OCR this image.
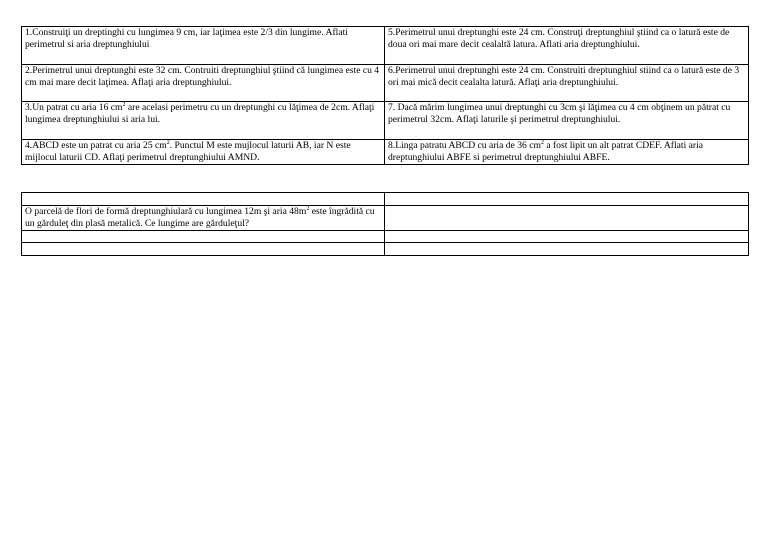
1.Construiţi un dreptinghi cu lungimea 9 cm, iar laţimea este 2/3 din lungime. Aflati perimetrul si aria dreptunghiului	5.Perimetrul unui dreptunghi este 24 cm. Construţi dreptunghiul ştiind ca o latură este de doua ori mai mare decit cealaltă latura. Aflati aria dreptunghiului.
2.Perimetrul unui dreptunghi este 32 cm. Contruiti dreptunghiul ştiind că lungimea este cu 4 cm mai mare decit laţimea. Aflaţi aria dreptunghiului.	6.Perimetrul unui dreptunghi este 24 cm. Construiti dreptunghiul stiind ca o latură este de 3 ori mai mică decit cealalta latură. Aflaţi aria dreptunghiului.
3.Un patrat cu aria 16 $cm^2$ are acelasi perimetru cu un dreptunghi cu lăţimea de 2cm. Aflaţi lungimea dreptunghiului si aria lui.	7. Dacă mărim lungimea unui dreptunghi cu 3cm şi lăţimea cu 4 cm obţinem un pătrat cu perimetrul 32cm. Aflaţi laturile şi perimetrul dreptunghiului.
4.ABCD este un patrat cu aria 25 $cm^2$. Punctul M este mujlocul laturii AB, iar N este mijlocul laturii CD. Aflaţi perimetrul dreptunghiului AMND.	8.Linga patratu ABCD cu aria de 36 $cm^2$ a fost lipit un alt patrat CDEF. Aflati aria dreptunghiului ABFE si perimetrul dreptunghiului ABFE.

O parcelă de flori de formă dreptunghiulară cu lungimea 12m şi aria $48m^2$ este îngrădită cu un gărduleţ din plasă metalică. Ce lungime are gărduleţul?	
